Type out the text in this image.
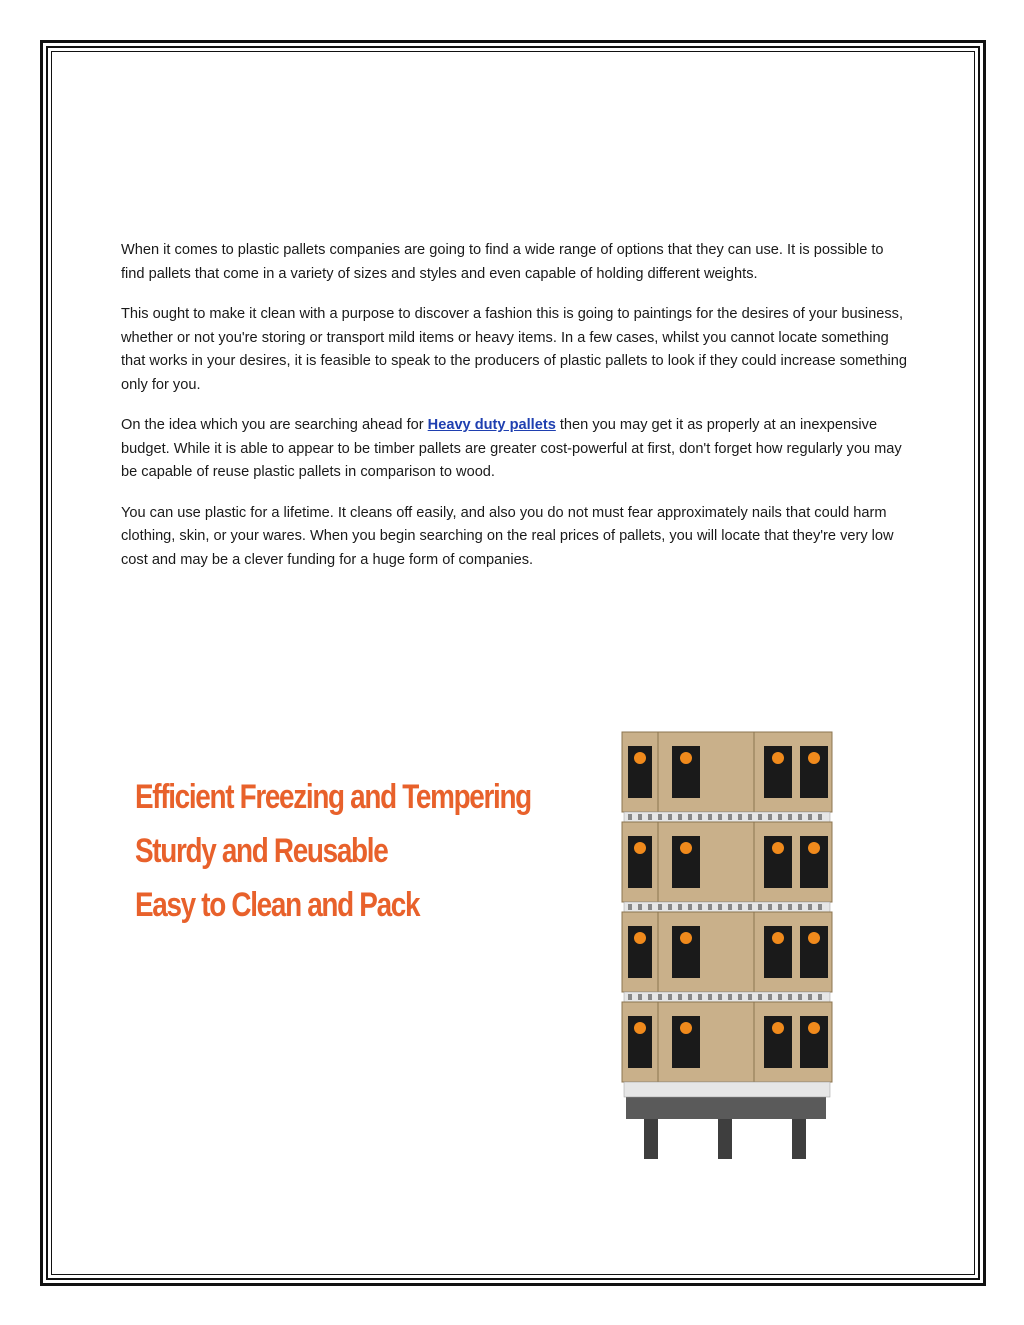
When it comes to plastic pallets companies are going to find a wide range of options that they can use. It is possible to find pallets that come in a variety of sizes and styles and even capable of holding different weights.

This ought to make it clean with a purpose to discover a fashion this is going to paintings for the desires of your business, whether or not you're storing or transport mild items or heavy items. In a few cases, whilst you cannot locate something that works in your desires, it is feasible to speak to the producers of plastic pallets to look if they could increase something only for you.

On the idea which you are searching ahead for Heavy duty pallets then you may get it as properly at an inexpensive budget. While it is able to appear to be timber pallets are greater cost-powerful at first, don't forget how regularly you may be capable of reuse plastic pallets in comparison to wood.

You can use plastic for a lifetime. It cleans off easily, and also you do not must fear approximately nails that could harm clothing, skin, or your wares. When you begin searching on the real prices of pallets, you will locate that they're very low cost and may be a clever funding for a huge form of companies.

Efficient Freezing and Tempering
Sturdy and Reusable
Easy to Clean and Pack
